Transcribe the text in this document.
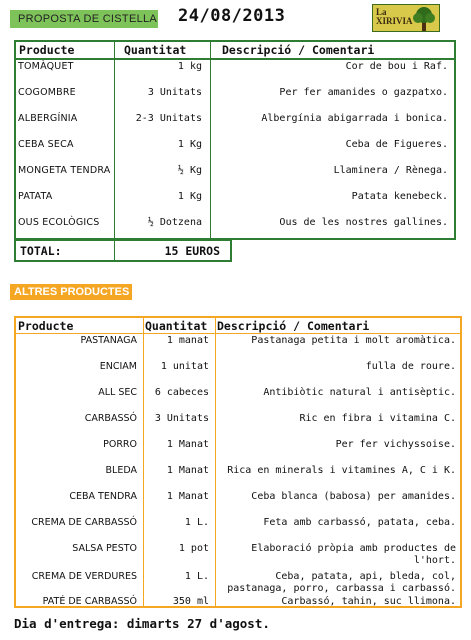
PROPOSTA DE CISTELLA 24/08/2013	La
XIRIVIA
Producte	Quantitat	Descripció / Comentari
TOMÀQUET	1 kg	Cor de bou i Raf.
COGOMBRE	3 Unitats	Per fer amanides o gazpatxo.
ALBERGÍNIA	2-3 Unitats	Albergínia abigarrada i bonica.
CEBA SECA	1 Kg	Ceba de Figueres.
MONGETA TENDRA	½ Kg	Llaminera / Rènega.
PATATA	1 Kg	Patata kenebeck.
OUS ECOLÒGICS	½ Dotzena	Ous de les nostres gallines.
TOTAL:	15 EUROS
ALTRES PRODUCTES
Producte	Quantitat Descripció / Comentari
PASTANAGA	1 manat	Pastanaga petita i molt aromàtica.
ENCIAM 1 unitat	fulla de roure.
ALL SEC 6 cabeces	Antibiòtic natural i antisèptic.
CARBASSÓ 3 Unitats	Ric en fibra i vitamina C.
PORRO	1 Manat	Per fer vichyssoise.
BLEDA	1 Manat	Rica en minerals i vitamines A, C i K.
CEBA TENDRA	1 Manat	Ceba blanca (babosa) per amanides.
CREMA DE CARBASSÓ	1 L.	Feta amb carbassó, patata, ceba.
SALSA PESTO	1 pot	Elaboració pròpia amb productes de
l'hort.
CREMA DE VERDURES	1 L.	Ceba, patata, api, bleda, col,
pastanaga, porro, carbassa i carbassó.
PATÉ DE CARBASSÓ	350 ml	Carbassó, tahin, suc llimona.
Dia d'entrega: dimarts 27 d'agost.
